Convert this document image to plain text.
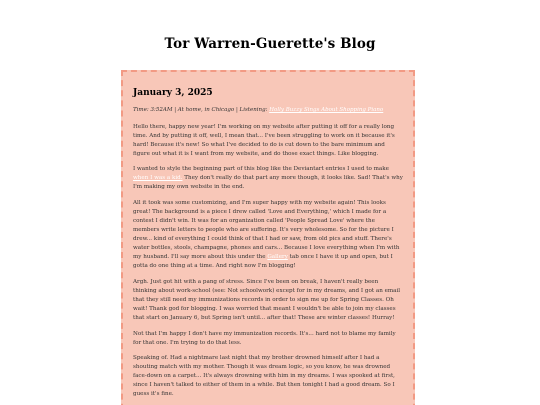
Tor Warren-Guerette's Blog
January 3, 2025
Time: 3:52AM | At home, in Chicago | Listening: Holly Buzzy Sings About Shopping Piano

Hello there, happy new year! I'm working on my website after putting it off for a really long time. And by putting it off, well, I mean that... I've been struggling to work on it because it's hard! Because it's new! So what I've decided to do is cut down to the bare minimum and figure out what it is I want from my website, and do those exact things. Like blogging.

I wanted to style the beginning part of this blog like the Deviantart entries I used to make when I was a kid. They don't really do that part any more though, it looks like. Sad! That's why I'm making my own website in the end.

All it took was some customizing, and I'm super happy with my website again! This looks great! The background is a piece I drew called 'Love and Everything,' which I made for a contest I didn't win. It was for an organization called 'People Spread Love' where the members write letters to people who are suffering. It's very wholesome. So for the picture I drew... kind of everything I could think of that I had or saw, from old pics and stuff. There's water bottles, stools, champagne, phones and cars... Because I love everything when I'm with my husband. I'll say more about this under the Gallery tab once I have it up and open, but I gotta do one thing at a time. And right now I'm blogging!

Argh. Just got hit with a pang of stress. Since I've been on break, I haven't really been thinking about work-school (see: Not schoolwork) except for in my dreams, and I got an email that they still need my immunizations records in order to sign me up for Spring Classes. Oh wait! Thank god for blogging. I was worried that meant I wouldn't be able to join my classes that start on January 6, but Spring isn't until... after that! These are winter classes! Hurray!

Not that I'm happy I don't have my immunization records. It's... hard not to blame my family for that one. I'm trying to do that less.

Speaking of. Had a nightmare last night that my brother drowned himself after I had a shouting match with my mother. Though it was dream logic, so you know, he was drowned face-down on a carpet... It's always drowning with him in my dreams. I was spooked at first, since I haven't talked to either of them in a while. But then tonight I had a good dream. So I guess it's fine.
